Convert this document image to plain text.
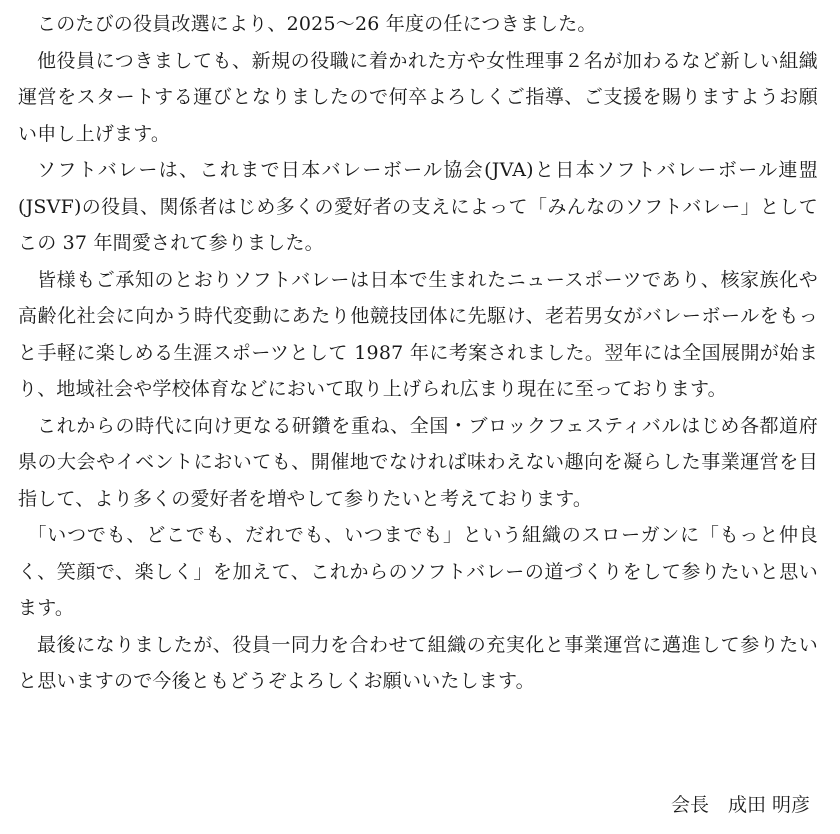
このたびの役員改選により、2025～26 年度の任につきました。

他役員につきましても、新規の役職に着かれた方や女性理事２名が加わるなど新しい組織運営をスタートする運びとなりましたので何卒よろしくご指導、ご支援を賜りますようお願い申し上げます。

ソフトバレーは、これまで日本バレーボール協会(JVA)と日本ソフトバレーボール連盟(JSVF)の役員、関係者はじめ多くの愛好者の支えによって「みんなのソフトバレー」としてこの 37 年間愛されて参りました。

皆様もご承知のとおりソフトバレーは日本で生まれたニュースポーツであり、核家族化や高齢化社会に向かう時代変動にあたり他競技団体に先駆け、老若男女がバレーボールをもっと手軽に楽しめる生涯スポーツとして 1987 年に考案されました。翌年には全国展開が始まり、地域社会や学校体育などにおいて取り上げられ広まり現在に至っております。

これからの時代に向け更なる研鑽を重ね、全国・ブロックフェスティバルはじめ各都道府県の大会やイベントにおいても、開催地でなければ味わえない趣向を凝らした事業運営を目指して、より多くの愛好者を増やして参りたいと考えております。

「いつでも、どこでも、だれでも、いつまでも」という組織のスローガンに「もっと仲良く、笑顔で、楽しく」を加えて、これからのソフトバレーの道づくりをして参りたいと思います。

最後になりましたが、役員一同力を合わせて組織の充実化と事業運営に邁進して参りたいと思いますので今後ともどうぞよろしくお願いいたします。

会長　成田 明彦
